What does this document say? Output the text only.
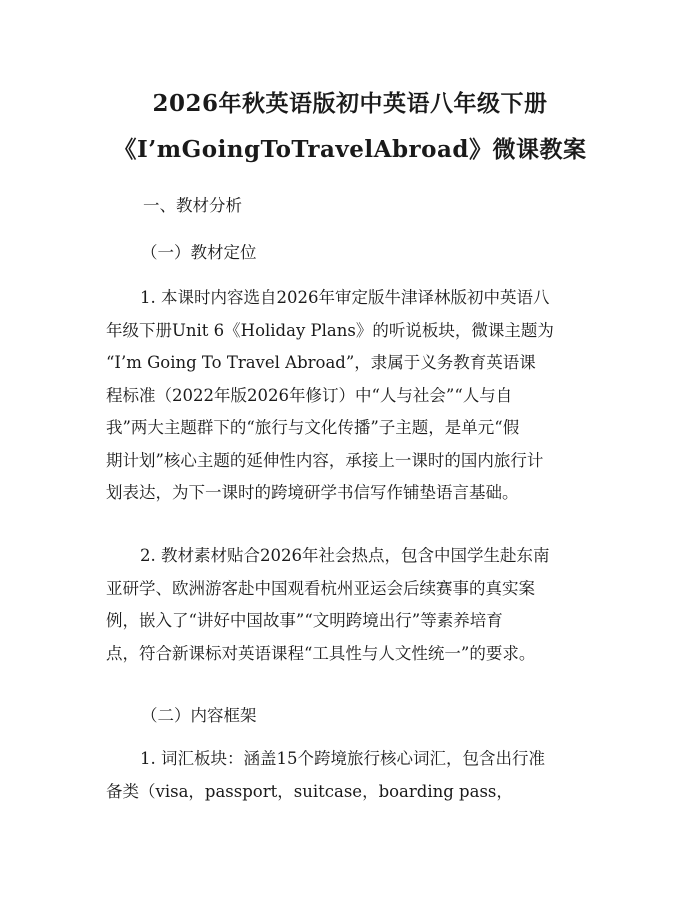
2026年秋英语版初中英语八年级下册
《I’mGoingToTravelAbroad》微课教案
一、教材分析
（一）教材定位
1. 本课时内容选自2026年审定版牛津译林版初中英语八
年级下册Unit 6《Holiday Plans》的听说板块，微课主题为
“I’m Going To Travel Abroad”，隶属于义务教育英语课
程标准（2022年版2026年修订）中“人与社会”“人与自
我”两大主题群下的“旅行与文化传播”子主题，是单元“假
期计划”核心主题的延伸性内容，承接上一课时的国内旅行计
划表达，为下一课时的跨境研学书信写作铺垫语言基础。
2. 教材素材贴合2026年社会热点，包含中国学生赴东南
亚研学、欧洲游客赴中国观看杭州亚运会后续赛事的真实案
例，嵌入了“讲好中国故事”“文明跨境出行”等素养培育
点，符合新课标对英语课程“工具性与人文性统一”的要求。
（二）内容框架
1. 词汇板块：涵盖15个跨境旅行核心词汇，包含出行准
备类（visa，passport，suitcase，boarding pass，
